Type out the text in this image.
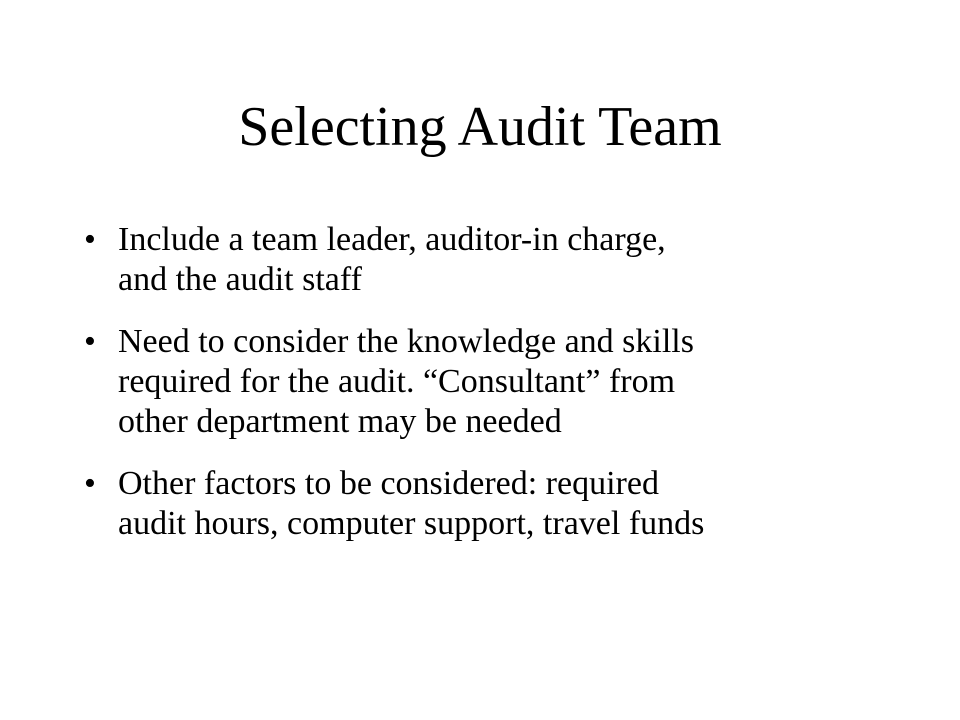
Selecting Audit Team
• Include a team leader, auditor-in charge,
and the audit staff
• Need to consider the knowledge and skills
required for the audit. “Consultant” from
other department may be needed
• Other factors to be considered: required
audit hours, computer support, travel funds
